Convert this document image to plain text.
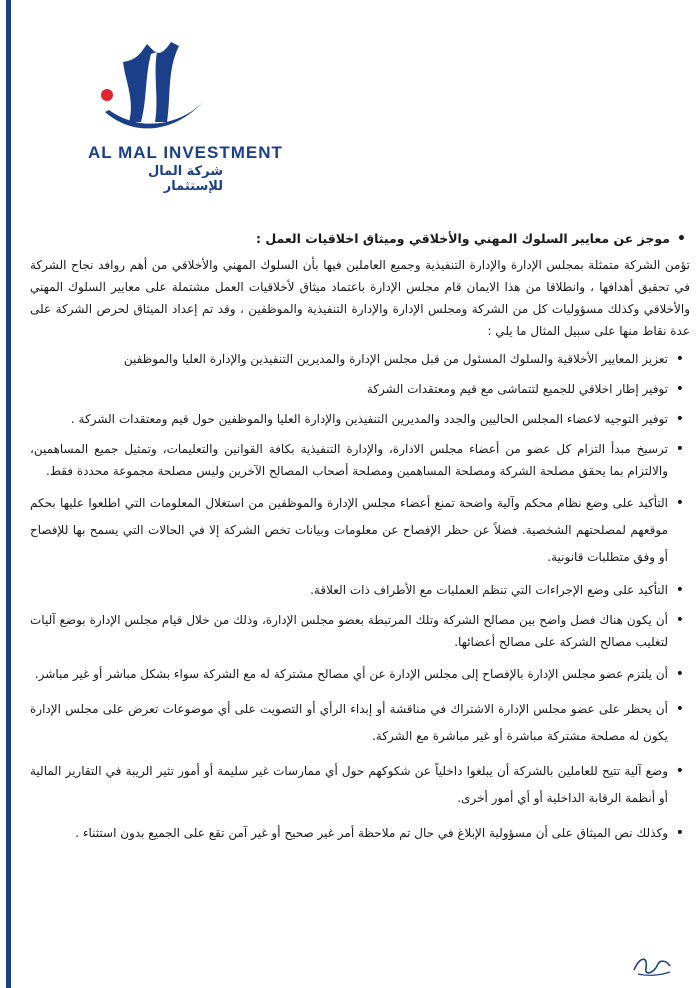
AL MAL INVESTMENT
شركة المال للإستثمار

• موجز عن معايير السلوك المهني والأخلاقي وميثاق اخلاقيات العمل :

تؤمن الشركة متمثلة بمجلس الإدارة والإدارة التنفيذية وجميع العاملين فيها بأن السلوك المهني والأخلاقي من أهم روافد نجاح الشركة في تحقيق أهدافها ، وانطلاقا من هذا الايمان قام مجلس الإدارة باعتماد ميثاق لأخلاقيات العمل مشتملة على معايير السلوك المهني والأخلاقي وكذلك مسؤوليات كل من الشركة ومجلس الإدارة والإدارة التنفيذية والموظفين ، وقد تم إعداد الميثاق لحرص الشركة على عدة نقاط منها على سبيل المثال ما يلي :

• تعزيز المعايير الأخلاقية والسلوك المسئول من قبل مجلس الإدارة والمديرين التنفيذين والإدارة العليا والموظفين
• توفير إطار اخلاقي للجميع لتتماشى مع قيم ومعتقدات الشركة
• توفير التوجيه لاعضاء المجلس الحاليين والجدد والمديرين التنفيذين والإدارة العليا والموظفين حول قيم ومعتقدات الشركة .
• ترسيخ مبدأ التزام كل عضو من أعضاء مجلس الادارة، والإدارة التنفيذية بكافة القوانين والتعليمات، وتمثيل جميع المساهمين، والالتزام بما يحقق مصلحة الشركة ومصلحة المساهمين ومصلحة أصحاب المصالح الآخرين وليس مصلحة مجموعة محددة فقط.
• التأكيد على وضع نظام محكم وآلية واضحة تمنع أعضاء مجلس الإدارة والموظفين من استغلال المعلومات التي اطلعوا عليها بحكم موقعهم لمصلحتهم الشخصية. فضلاً عن حظر الإفصاح عن معلومات وبيانات تخص الشركة إلا في الحالات التي يسمح بها للإفصاح أو وفق متطلبات قانونية.
• التأكيد على وضع الإجراءات التي تنظم العمليات مع الأطراف ذات العلاقة.
• أن يكون هناك فصل واضح بين مصالح الشركة وتلك المرتبطة بعضو مجلس الإدارة، وذلك من خلال قيام مجلس الإدارة بوضع آليات لتغليب مصالح الشركة على مصالح أعضائها.
• أن يلتزم عضو مجلس الإدارة بالإفصاح إلى مجلس الإدارة عن أي مصالح مشتركة له مع الشركة سواء بشكل مباشر أو غير مباشر.
• أن يحظر على عضو مجلس الإدارة الاشتراك في مناقشة أو إبداء الرأي أو التصويت على أي موضوعات تعرض على مجلس الإدارة يكون له مصلحة مشتركة مباشرة أو غير مباشرة مع الشركة.
• وضع آلية تتيح للعاملين بالشركة أن يبلغوا داخلياً عن شكوكهم حول أي ممارسات غير سليمة أو أمور تثير الريبة في التقارير المالية أو أنظمة الرقابة الداخلية أو أي أمور أخرى.
• وكذلك نص الميثاق على أن مسؤولية الإبلاغ في حال تم ملاحظة أمر غير صحيح أو غير آمن تقع على الجميع بدون استثناء .
